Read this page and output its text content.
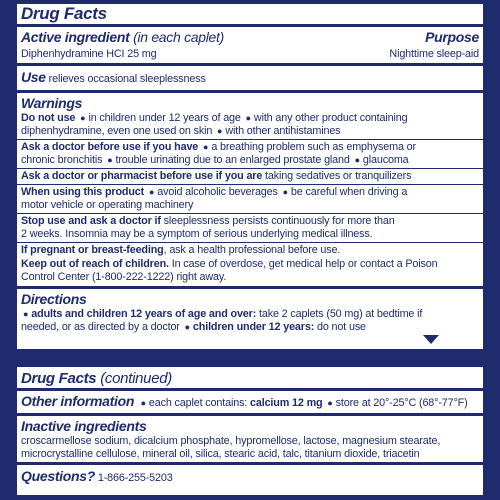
Drug Facts
Active ingredient (in each caplet)	Purpose
Diphenhydramine HCI 25 mg	Nighttime sleep-aid
Use relieves occasional sleeplessness
Warnings
Do not use ● in children under 12 years of age ● with any other product containing
diphenhydramine, even one used on skin ● with other antihistamines
Ask a doctor before use if you have ● a breathing problem such as emphysema or
chronic bronchitis ● trouble urinating due to an enlarged prostate gland ● glaucoma
Ask a doctor or pharmacist before use if you are taking sedatives or tranquilizers
When using this product ● avoid alcoholic beverages ● be careful when driving a
motor vehicle or operating machinery
Stop use and ask a doctor if sleeplessness persists continuously for more than
2 weeks. Insomnia may be a symptom of serious underlying medical illness.
If pregnant or breast-feeding, ask a health professional before use.
Keep out of reach of children. In case of overdose, get medical help or contact a Poison
Control Center (1-800-222-1222) right away.
Directions
● adults and children 12 years of age and over: take 2 caplets (50 mg) at bedtime if
needed, or as directed by a doctor ● children under 12 years: do not use
Drug Facts (continued)
Other information ● each caplet contains: calcium 12 mg ● store at 20°-25°C (68°-77°F)
Inactive ingredients
croscarmellose sodium, dicalcium phosphate, hypromellose, lactose, magnesium stearate,
microcrystalline cellulose, mineral oil, silica, stearic acid, talc, titanium dioxide, triacetin
Questions? 1-866-255-5203
